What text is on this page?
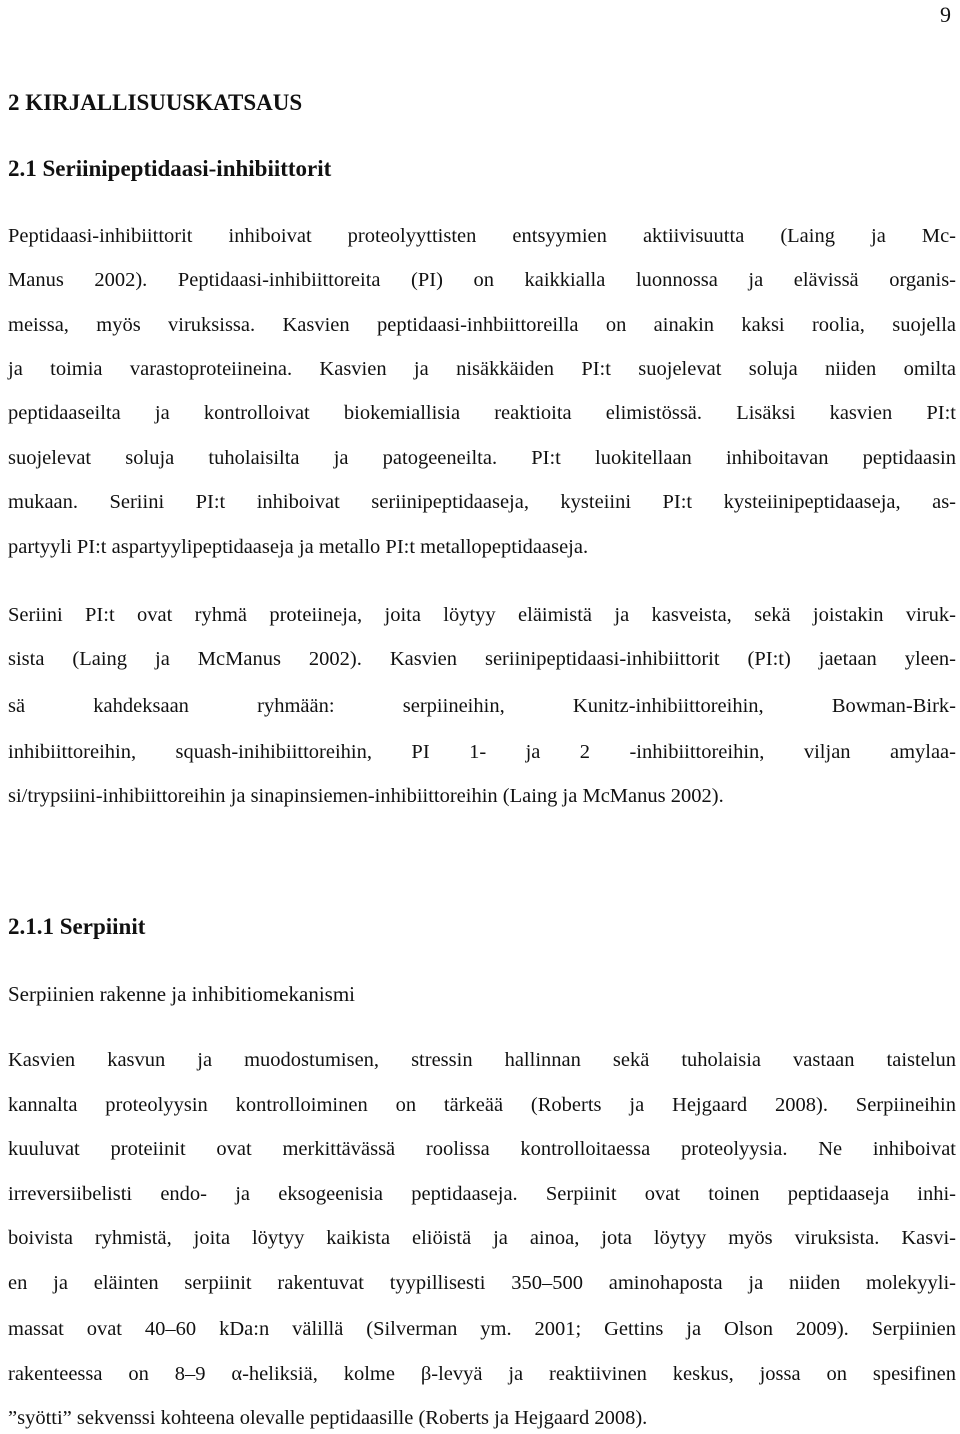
9
2 KIRJALLISUUSKATSAUS
2.1 Seriinipeptidaasi-inhibiittorit
Peptidaasi-inhibiittorit inhiboivat proteolyyttisten entsyymien aktiivisuutta (Laing ja Mc-
Manus 2002). Peptidaasi-inhibiittoreita (PI) on kaikkialla luonnossa ja elävissä organis-
meissa, myös viruksissa. Kasvien peptidaasi-inhbiittoreilla on ainakin kaksi roolia, suojella
ja toimia varastoproteiineina. Kasvien ja nisäkkäiden PI:t suojelevat soluja niiden omilta
peptidaaseilta ja kontrolloivat biokemiallisia reaktioita elimistössä. Lisäksi kasvien PI:t
suojelevat soluja tuholaisilta ja patogeeneilta. PI:t luokitellaan inhiboitavan peptidaasin
mukaan. Seriini PI:t inhiboivat seriinipeptidaaseja, kysteiini PI:t kysteiinipeptidaaseja, as-
partyyli PI:t aspartyylipeptidaaseja ja metallo PI:t metallopeptidaaseja.
Seriini PI:t ovat ryhmä proteiineja, joita löytyy eläimistä ja kasveista, sekä joistakin viruk-
sista (Laing ja McManus 2002). Kasvien seriinipeptidaasi-inhibiittorit (PI:t) jaetaan yleen-
sä kahdeksaan ryhmään: serpiineihin, Kunitz-inhibiittoreihin, Bowman-Birk-
inhibiittoreihin, squash-inihibiittoreihin, PI 1- ja 2 -inhibiittoreihin, viljan amylaa-
si/trypsiini-inhibiittoreihin ja sinapinsiemen-inhibiittoreihin (Laing ja McManus 2002).
2.1.1 Serpiinit
Serpiinien rakenne ja inhibitiomekanismi
Kasvien kasvun ja muodostumisen, stressin hallinnan sekä tuholaisia vastaan taistelun
kannalta proteolyysin kontrolloiminen on tärkeää (Roberts ja Hejgaard 2008). Serpiineihin
kuuluvat proteiinit ovat merkittävässä roolissa kontrolloitaessa proteolyysia. Ne inhiboivat
irreversiibelisti endo- ja eksogeenisia peptidaaseja. Serpiinit ovat toinen peptidaaseja inhi-
boivista ryhmistä, joita löytyy kaikista eliöistä ja ainoa, jota löytyy myös viruksista. Kasvi-
en ja eläinten serpiinit rakentuvat tyypillisesti 350–500 aminohaposta ja niiden molekyyli-
massat ovat 40–60 kDa:n välillä (Silverman ym. 2001; Gettins ja Olson 2009). Serpiinien
rakenteessa on 8–9 α-heliksiä, kolme β-levyä ja reaktiivinen keskus, jossa on spesifinen
”syötti” sekvenssi kohteena olevalle peptidaasille (Roberts ja Hejgaard 2008).
